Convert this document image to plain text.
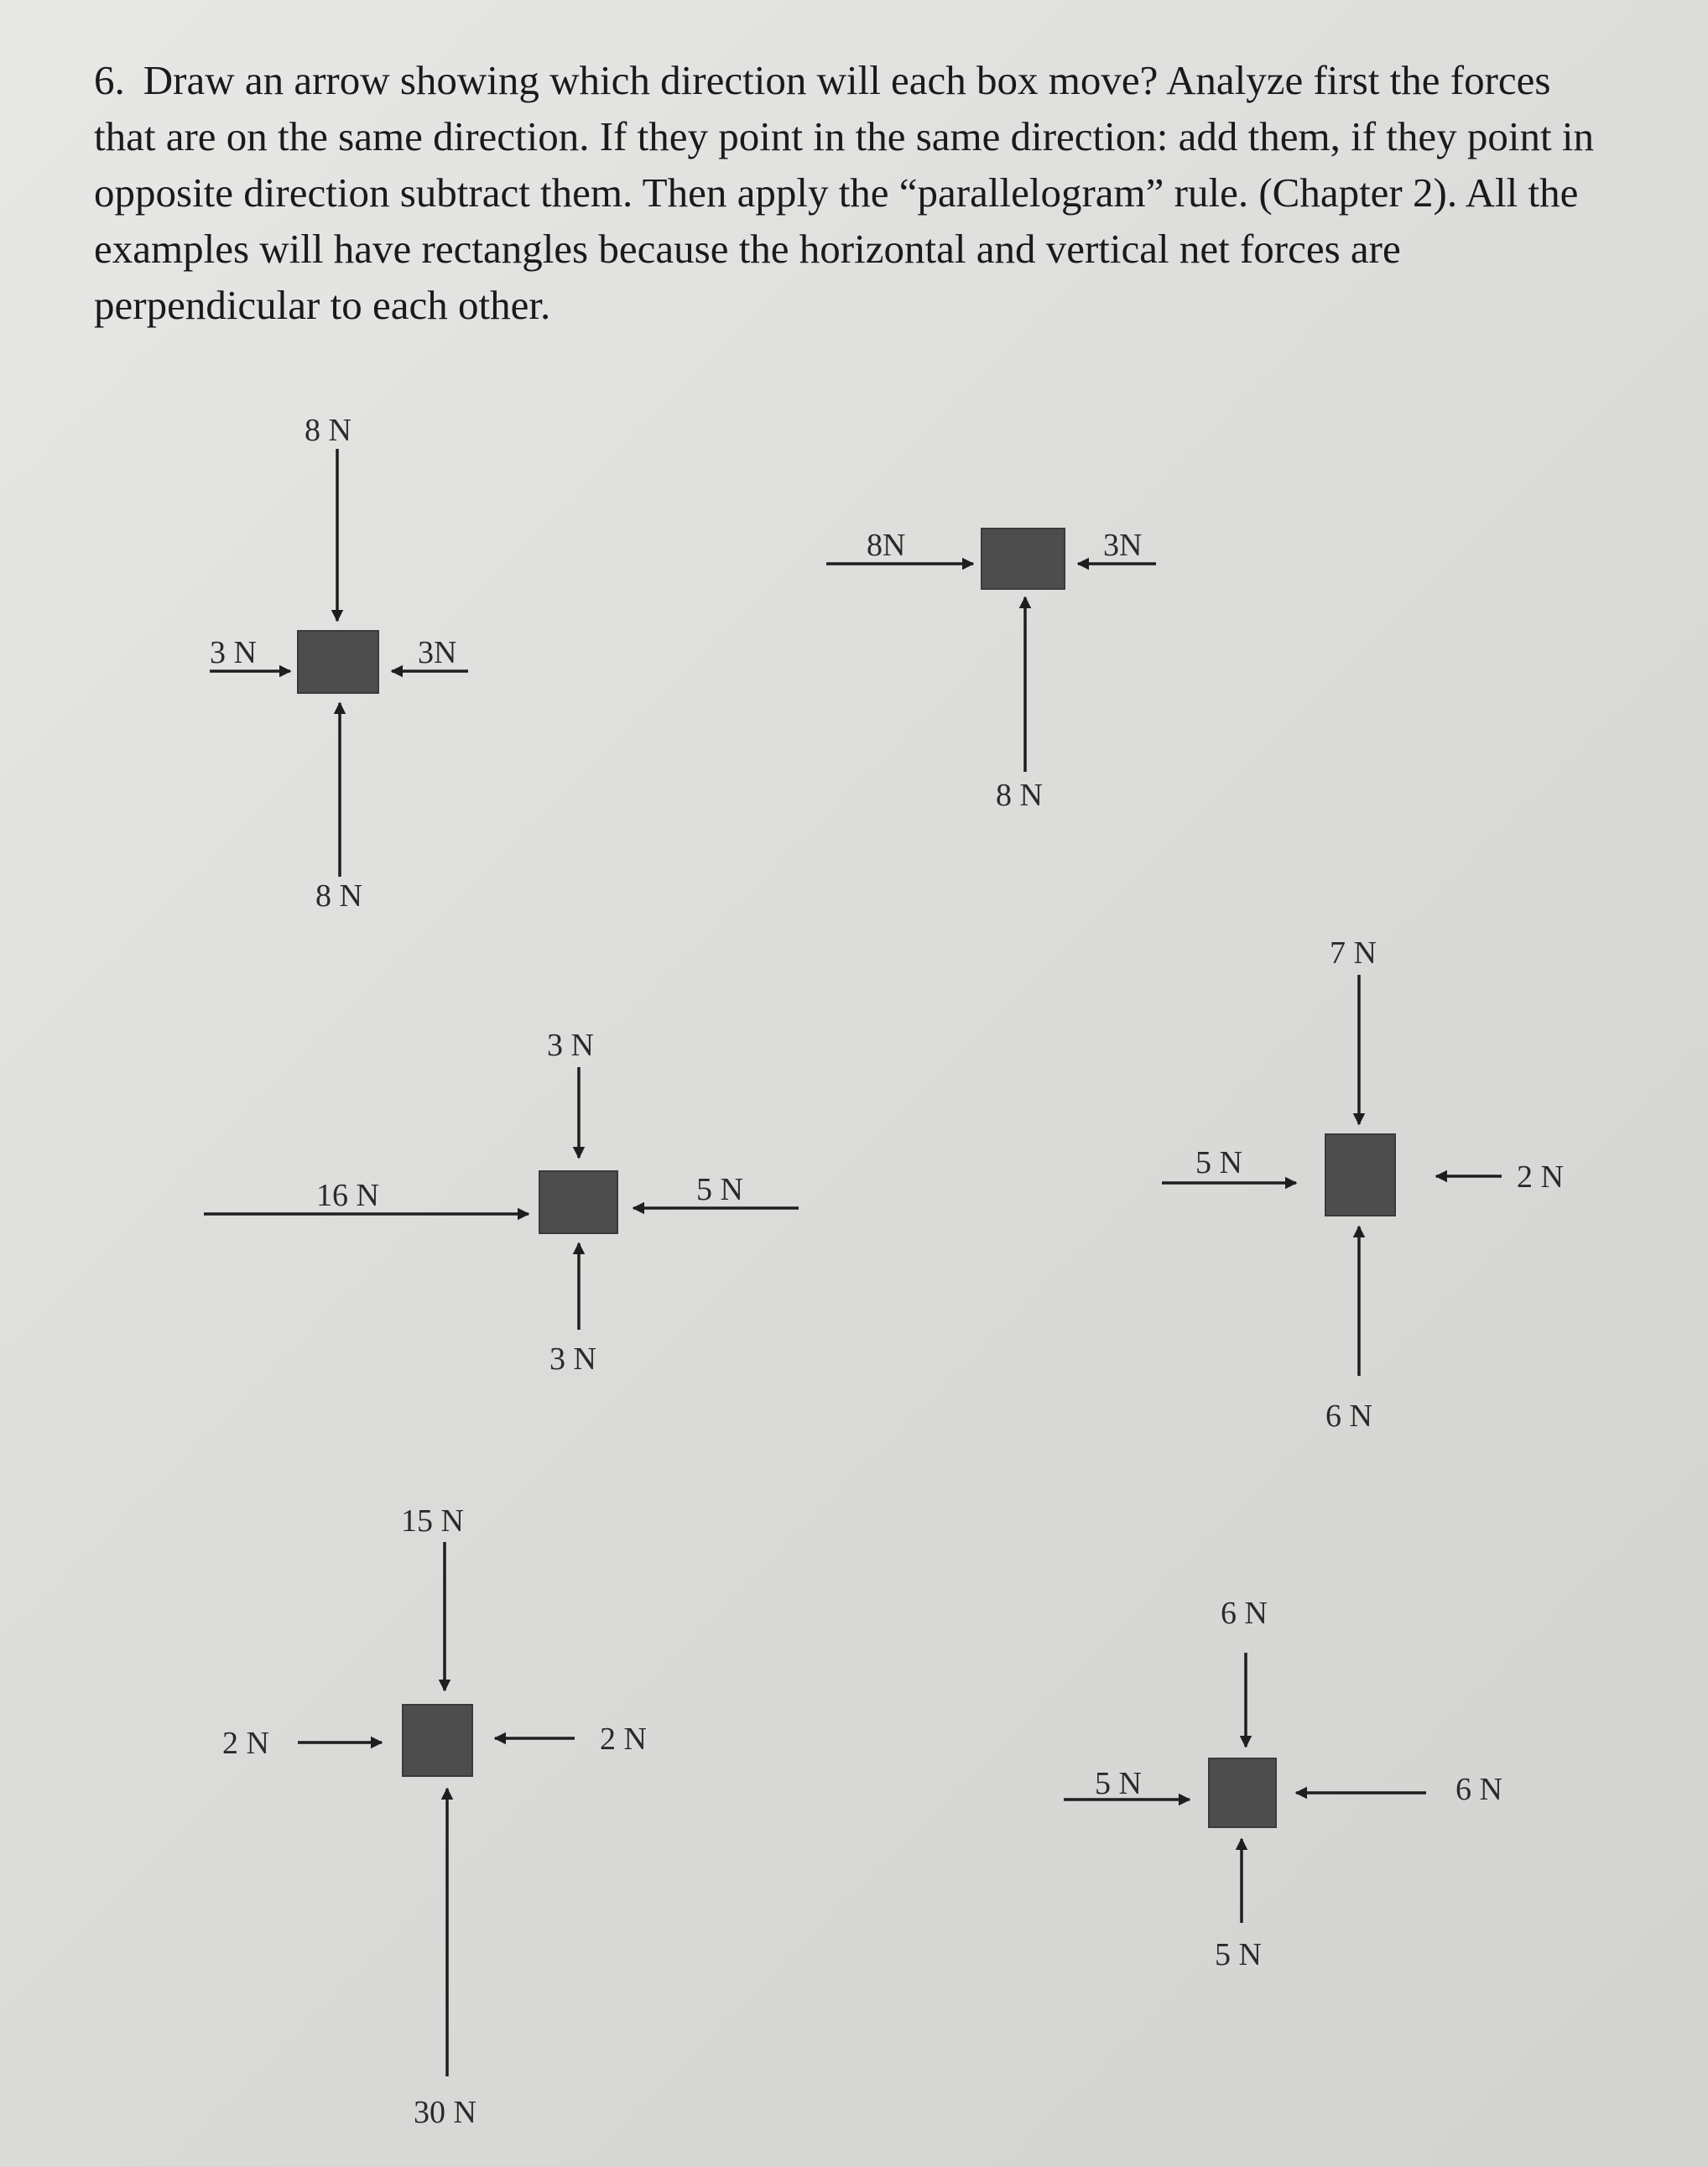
6. Draw an arrow showing which direction will each box move? Analyze first the forces that are on the same direction. If they point in the same direction: add them, if they point in opposite direction subtract them. Then apply the “parallelogram” rule. (Chapter 2). All the examples will have rectangles because the horizontal and vertical net forces are perpendicular to each other.

8 N
8 N
3 N	3N
8N	3N
8 N
3 N
3 N
16 N	5 N
7 N
6 N
5 N	2 N
15 N
30 N
2 N	2 N
6 N
5 N
5 N	6 N
